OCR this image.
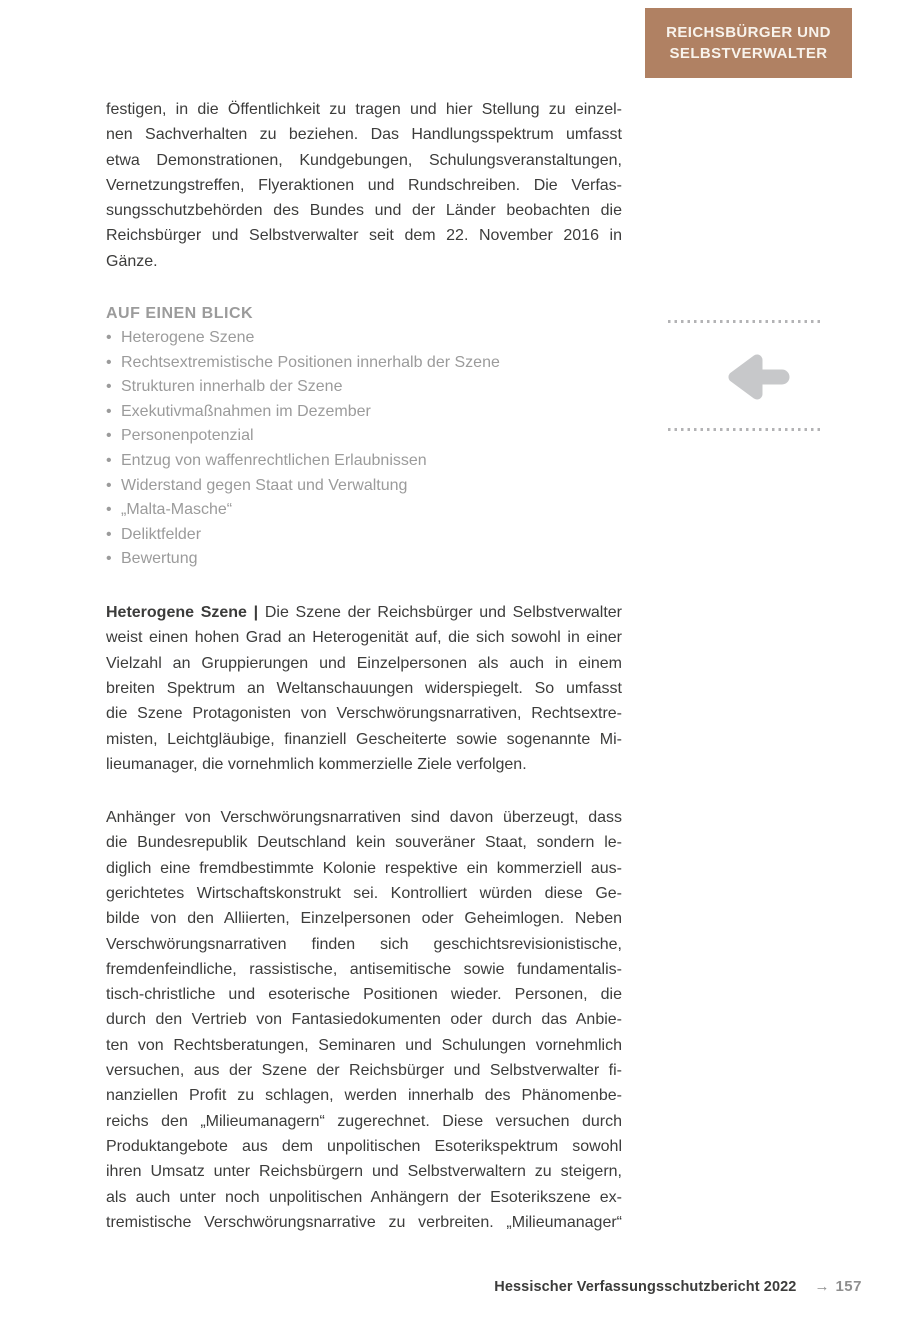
REICHSBÜRGER UND
SELBSTVERWALTER
festigen, in die Öffentlichkeit zu tragen und hier Stellung zu einzel-
nen Sachverhalten zu beziehen. Das Handlungsspektrum umfasst
etwa Demonstrationen, Kundgebungen, Schulungsveranstaltungen,
Vernetzungstreffen, Flyeraktionen und Rundschreiben. Die Verfas-
sungsschutzbehörden des Bundes und der Länder beobachten die
Reichsbürger und Selbstverwalter seit dem 22. November 2016 in
Gänze.
AUF EINEN BLICK
• Heterogene Szene
• Rechtsextremistische Positionen innerhalb der Szene
• Strukturen innerhalb der Szene
• Exekutivmaßnahmen im Dezember
• Personenpotenzial
• Entzug von waffenrechtlichen Erlaubnissen
• Widerstand gegen Staat und Verwaltung
• „Malta-Masche“
• Deliktfelder
• Bewertung
Heterogene Szene | Die Szene der Reichsbürger und Selbstverwalter
weist einen hohen Grad an Heterogenität auf, die sich sowohl in einer
Vielzahl an Gruppierungen und Einzelpersonen als auch in einem
breiten Spektrum an Weltanschauungen widerspiegelt. So umfasst
die Szene Protagonisten von Verschwörungsnarrativen, Rechtsextre-
misten, Leichtgläubige, finanziell Gescheiterte sowie sogenannte Mi-
lieumanager, die vornehmlich kommerzielle Ziele verfolgen.
Anhänger von Verschwörungsnarrativen sind davon überzeugt, dass
die Bundesrepublik Deutschland kein souveräner Staat, sondern le-
diglich eine fremdbestimmte Kolonie respektive ein kommerziell aus-
gerichtetes Wirtschaftskonstrukt sei. Kontrolliert würden diese Ge-
bilde von den Alliierten, Einzelpersonen oder Geheimlogen. Neben
Verschwörungsnarrativen finden sich geschichtsrevisionistische,
fremdenfeindliche, rassistische, antisemitische sowie fundamentalis-
tisch-christliche und esoterische Positionen wieder. Personen, die
durch den Vertrieb von Fantasiedokumenten oder durch das Anbie-
ten von Rechtsberatungen, Seminaren und Schulungen vornehmlich
versuchen, aus der Szene der Reichsbürger und Selbstverwalter fi-
nanziellen Profit zu schlagen, werden innerhalb des Phänomenbe-
reichs den „Milieumanagern“ zugerechnet. Diese versuchen durch
Produktangebote aus dem unpolitischen Esoterikspektrum sowohl
ihren Umsatz unter Reichsbürgern und Selbstverwaltern zu steigern,
als auch unter noch unpolitischen Anhängern der Esoterikszene ex-
tremistische Verschwörungsnarrative zu verbreiten. „Milieumanager“
Hessischer Verfassungsschutzbericht 2022 → 157
